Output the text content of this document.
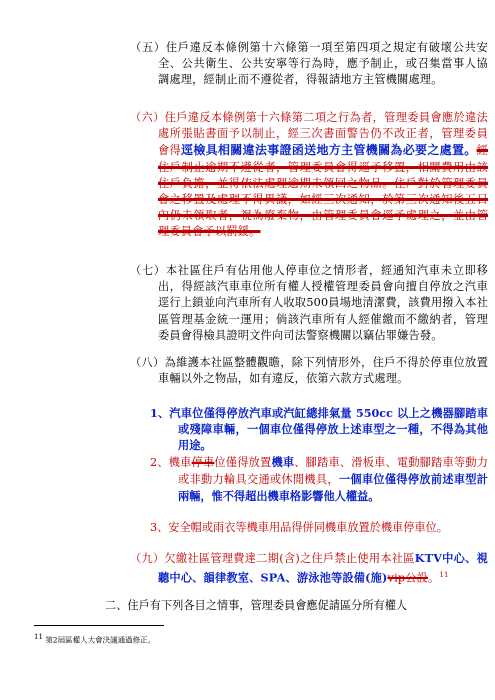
（五）住戶違反本條例第十六條第一項至第四項之規定有破壞公共安全、公共衛生、公共安寧等行為時，應予制止，或召集當事人協調處理，經制止而不遵從者，得報請地方主管機關處理。
（六）住戶違反本條例第十六條第二項之行為者，管理委員會應於違法處所張貼書面予以制止，經三次書面警告仍不改正者，管理委員會得逕檢具相關違法事證函送地方主管機關為必要之處置。經住戶制止逾期不遵從者，管理委員會得逕予移置，相關費用由該住戶負擔，並得依法處理逾期未領回之物品。住戶對於管理委員會之移置及處理不得異議，如經三次通知，於第三次通知後五日內仍未領取者，視為廢棄物，由管理委員會逕予處理之，並由管理委員會予以罰鍰。
（七）本社區住戶有佔用他人停車位之情形者，經通知汽車未立即移出，得經該汽車車位所有權人授權管理委員會向擅自停放之汽車逕行上鎖並向汽車所有人收取500員場地清潔費，該費用撥入本社區管理基金統一運用；倘該汽車所有人經催繳而不繳納者，管理委員會得檢具證明文件向司法警察機關以竊佔罪嫌告發。
（八）為維護本社區整體觀瞻，除下列情形外，住戶不得於停車位放置車輛以外之物品，如有違反，依第六款方式處理。
1、汽車位僅得停放汽車或汽缸總排氣量 550cc 以上之機器腳踏車或殘障車輛，一個車位僅得停放上述車型之一種，不得為其他用途。
2、機車停車位僅得放置機車、腳踏車、滑板車、電動腳踏車等動力或非動力輪具交通或休閒機具，一個車位僅得停放前述車型計兩輛，惟不得超出機車格影響他人權益。
3、安全帽或雨衣等機車用品得併同機車放置於機車停車位。
（九）欠繳社區管理費達二期(含)之住戶禁止使用本社區KTV中心、視聽中心、韻律教室、SPA、游泳池等設備(施)vip公設。$^{11}$
二、住戶有下列各目之情事，管理委員會應促請區分所有權人
11 第2屆區權人大會決議通過修正。
